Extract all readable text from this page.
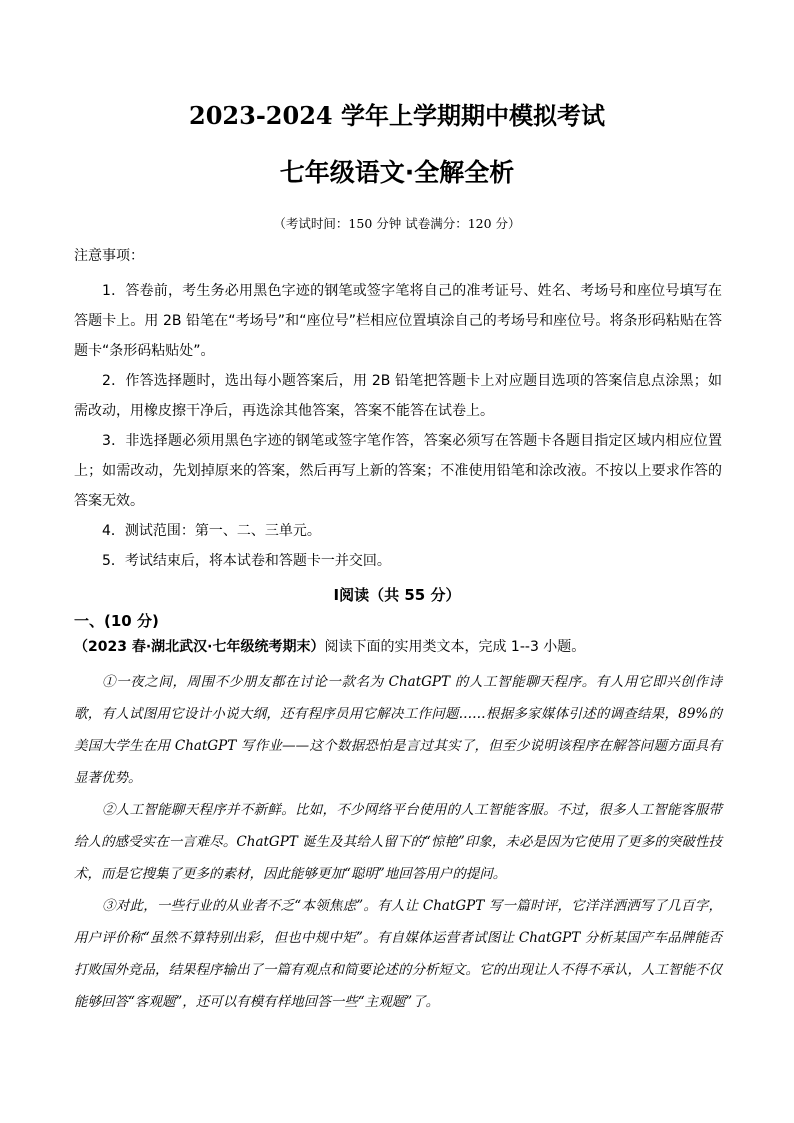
2023-2024 学年上学期期中模拟考试
七年级语文·全解全析
（考试时间：150 分钟 试卷满分：120 分）
注意事项：

1．答卷前，考生务必用黑色字迹的钢笔或签字笔将自己的准考证号、姓名、考场号和座位号填写在答题卡上。用 2B 铅笔在“考场号”和“座位号”栏相应位置填涂自己的考场号和座位号。将条形码粘贴在答题卡“条形码粘贴处”。

2．作答选择题时，选出每小题答案后，用 2B 铅笔把答题卡上对应题目选项的答案信息点涂黑；如需改动，用橡皮擦干净后，再选涂其他答案，答案不能答在试卷上。

3．非选择题必须用黑色字迹的钢笔或签字笔作答，答案必须写在答题卡各题目指定区域内相应位置上；如需改动，先划掉原来的答案，然后再写上新的答案；不准使用铅笔和涂改液。不按以上要求作答的答案无效。

4．测试范围：第一、二、三单元。

5．考试结束后，将本试卷和答题卡一并交回。

Ⅰ阅读（共 55 分）
一、(10 分)
（2023 春·湖北武汉·七年级统考期末）阅读下面的实用类文本，完成 1--3 小题。

①一夜之间，周围不少朋友都在讨论一款名为 ChatGPT 的人工智能聊天程序。有人用它即兴创作诗歌，有人试图用它设计小说大纲，还有程序员用它解决工作问题……根据多家媒体引述的调查结果，89%的美国大学生在用 ChatGPT 写作业——这个数据恐怕是言过其实了，但至少说明该程序在解答问题方面具有显著优势。

②人工智能聊天程序并不新鲜。比如，不少网络平台使用的人工智能客服。不过，很多人工智能客服带给人的感受实在一言难尽。ChatGPT 诞生及其给人留下的“惊艳”印象，未必是因为它使用了更多的突破性技术，而是它搜集了更多的素材，因此能够更加“聪明”地回答用户的提问。

③对此，一些行业的从业者不乏“本领焦虑”。有人让 ChatGPT 写一篇时评，它洋洋洒洒写了几百字，用户评价称“虽然不算特别出彩，但也中规中矩”。有自媒体运营者试图让 ChatGPT 分析某国产车品牌能否打败国外竞品，结果程序输出了一篇有观点和简要论述的分析短文。它的出现让人不得不承认，人工智能不仅能够回答“客观题”，还可以有模有样地回答一些“主观题”了。
